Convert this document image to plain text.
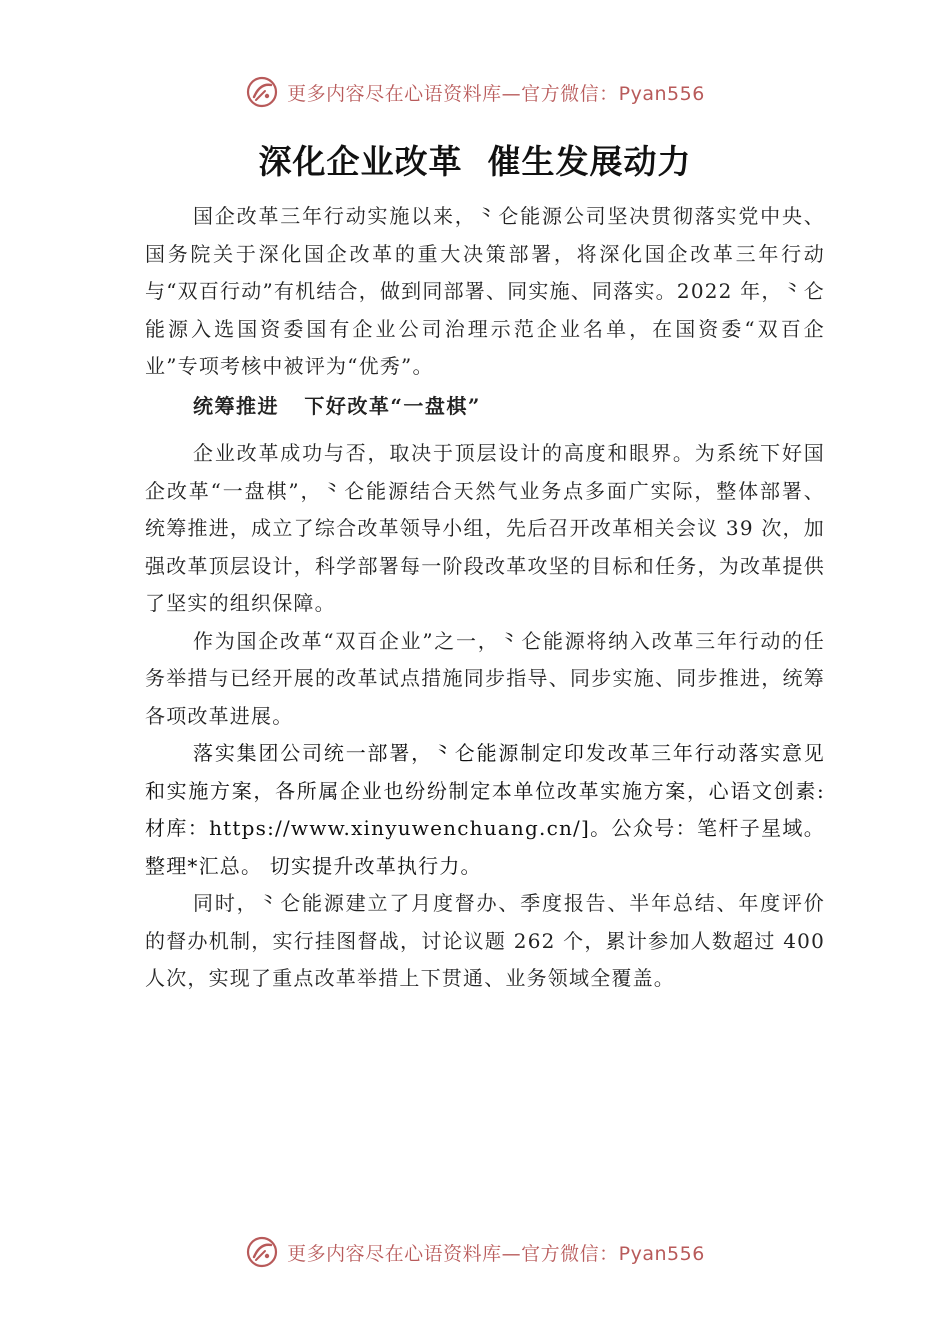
更多内容尽在心语资料库—官方微信：Pyan556
深化企业改革  催生发展动力

国企改革三年行动实施以来，⺀仑能源公司坚决贯彻落实党中央、国务院关于深化国企改革的重大决策部署，将深化国企改革三年行动与“双百行动”有机结合，做到同部署、同实施、同落实。2022 年，⺀仑能源入选国资委国有企业公司治理示范企业名单，在国资委“双百企业”专项考核中被评为“优秀”。

统筹推进   下好改革“一盘棋”

企业改革成功与否，取决于顶层设计的高度和眼界。为系统下好国企改革“一盘棋”，⺀仑能源结合天然气业务点多面广实际，整体部署、统筹推进，成立了综合改革领导小组，先后召开改革相关会议 39 次，加强改革顶层设计，科学部署每一阶段改革攻坚的目标和任务，为改革提供了坚实的组织保障。

作为国企改革“双百企业”之一，⺀仑能源将纳入改革三年行动的任务举措与已经开展的改革试点措施同步指导、同步实施、同步推进，统筹各项改革进展。

落实集团公司统一部署，⺀仑能源制定印发改革三年行动落实意见和实施方案，各所属企业也纷纷制定本单位改革实施方案，心语文创素:材库：https://www.xinyuwenchuang.cn/]。公众号：笔杆子星域。整理*汇总。 切实提升改革执行力。

同时，⺀仑能源建立了月度督办、季度报告、半年总结、年度评价的督办机制，实行挂图督战，讨论议题 262 个，累计参加人数超过 400 人次，实现了重点改革举措上下贯通、业务领域全覆盖。

更多内容尽在心语资料库—官方微信：Pyan556
